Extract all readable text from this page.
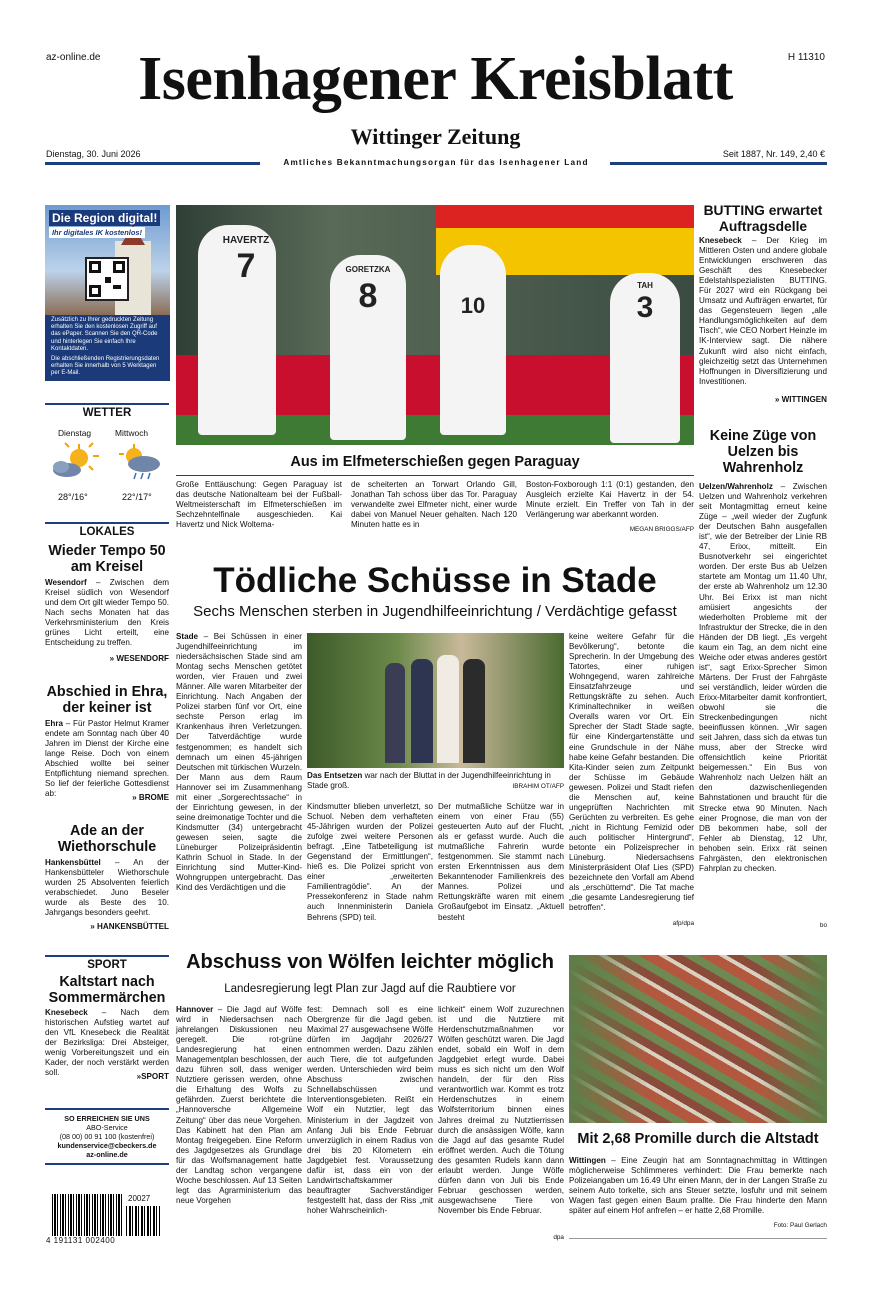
az-online.de	H 11310
Isenhagener Kreisblatt
Wittinger Zeitung
Dienstag, 30. Juni 2026	Seit 1887, Nr. 149, 2,40 €
Amtliches Bekanntmachungsorgan für das Isenhagener Land
Die Region digital!
Ihr digitales IK kostenlos!
Zusätzlich zu Ihrer gedruckten Zeitung erhalten Sie den kostenlosen Zugriff auf das ePaper. Scannen Sie den QR-Code und hinterlegen Sie einfach Ihre Kontaktdaten.
Die abschließenden Registrierungsdaten erhalten Sie innerhalb von 5 Werktagen per E-Mail.
WETTER
Dienstag	Mittwoch
28°/16°	22°/17°
LOKALES
Wieder Tempo 50 am Kreisel
Wesendorf – Zwischen dem Kreisel südlich von Wesendorf und dem Ort gilt wieder Tempo 50. Nach sechs Monaten hat das Verkehrsministerium den Kreis grünes Licht erteilt, eine Entscheidung zu treffen.
» WESENDORF
Abschied in Ehra, der keiner ist
Ehra – Für Pastor Helmut Kramer endete am Sonntag nach über 40 Jahren im Dienst der Kirche eine lange Reise. Doch von einem Abschied wollte bei seiner Entpflichtung niemand sprechen. So lief der feierliche Gottesdienst ab:	» BROME
Ade an der Wiethorschule
Hankensbüttel – An der Hankensbütteler Wiethorschule wurden 25 Absolventen feierlich verabschiedet. Juno Beseler wurde als Beste des 10. Jahrgangs besonders geehrt.
» HANKENSBÜTTEL
SPORT
Kaltstart nach Sommermärchen
Knesebeck – Nach dem historischen Aufstieg wartet auf den VfL Knesebeck die Realität der Bezirksliga: Drei Absteiger, wenig Vorbereitungszeit und ein Kader, der noch verstärkt werden soll.	»SPORT
SO ERREICHEN SIE UNS
ABO-Service
(08 00) 00 91 100 (kostenfrei)
kundenservice@cbeckers.de
az-online.de
20027
4 191131 002400
HAVERTZ
7	GORETZKA
8	10
TAH
3
Aus im Elfmeterschießen gegen Paraguay
Große Enttäuschung: Gegen Paraguay ist das deutsche Nationalteam bei der Fußball-Weltmeisterschaft im Elfmeterschießen im Sechzehntelfinale ausgeschieden. Kai Havertz und Nick Woltema-
de scheiterten an Torwart Orlando Gill, Jonathan Tah schoss über das Tor. Paraguay verwandelte zwei Elfmeter nicht, einer wurde dabei von Manuel Neuer gehalten. Nach 120 Minuten hatte es in
Boston-Foxborough 1:1 (0:1) gestanden, den Ausgleich erzielte Kai Havertz in der 54. Minute erzielt. Ein Treffer von Tah in der Verlängerung war aberkannt worden.
MEGAN BRIGGS/AFP
BUTTING erwartet Auftragsdelle
Knesebeck – Der Krieg im Mittleren Osten und andere globale Entwicklungen erschweren das Geschäft des Knesebecker Edelstahlspezialisten BUTTING. Für 2027 wird ein Rückgang bei Umsatz und Aufträgen erwartet, für das Gegensteuern liegen „alle Handlungsmöglichkeiten auf dem Tisch“, wie CEO Norbert Heinzle im IK-Interview sagt. Die nähere Zukunft wird also nicht einfach, gleichzeitig setzt das Unternehmen Hoffnungen in Diversifizierung und Investitionen.
» WITTINGEN
Keine Züge von Uelzen bis Wahrenholz
Uelzen/Wahrenholz – Zwischen Uelzen und Wahrenholz verkehren seit Montagmittag erneut keine Züge – „weil wieder der Zugfunk der Deutschen Bahn ausgefallen ist“, wie der Betreiber der Linie RB 47, Erixx, mitteilt. Ein Busnotverkehr sei eingerichtet worden. Der erste Bus ab Uelzen startete am Montag um 11.40 Uhr, der erste ab Wahrenholz um 12.30 Uhr. Bei Erixx ist man nicht amüsiert angesichts der wiederholten Probleme mit der Infrastruktur der Strecke, die in den Händen der DB liegt. „Es vergeht kaum ein Tag, an dem nicht eine Weiche oder etwas anderes gestört ist“, sagt Erixx-Sprecher Simon Märtens. Der Frust der Fahrgäste sei verständlich, leider würden die Erixx-Mitarbeiter damit konfrontiert, obwohl sie die Streckenbedingungen nicht beeinflussen können. „Wir sagen seit Jahren, dass sich da etwas tun muss, aber der Strecke wird offensichtlich keine Priorität beigemessen.“ Ein Bus von Wahrenholz nach Uelzen hält an den dazwischenliegenden Bahnstationen und braucht für die Strecke etwa 90 Minuten. Nach einer Prognose, die man von der DB bekommen habe, soll der Fehler ab Dienstag, 12 Uhr, behoben sein. Erixx rät seinen Fahrgästen, den elektronischen Fahrplan zu checken.
bo
Tödliche Schüsse in Stade
Sechs Menschen sterben in Jugendhilfeeinrichtung / Verdächtige gefasst
Stade – Bei Schüssen in einer Jugendhilfeeinrichtung im niedersächsischen Stade sind am Montag sechs Menschen getötet worden, vier Frauen und zwei Männer. Alle waren Mitarbeiter der Einrichtung. Nach Angaben der Polizei starben fünf vor Ort, eine sechste Person erlag im Krankenhaus ihren Verletzungen. Der Tatverdächtige wurde festgenommen; es handelt sich demnach um einen 45-jährigen Deutschen mit türkischen Wurzeln. Der Mann aus dem Raum Hannover sei im Zusammenhang mit einer „Sorgerechtssache“ in der Einrichtung gewesen, in der seine dreimonatige Tochter und die Kindsmutter (34) untergebracht gewesen seien, sagte die Lüneburger Polizeipräsidentin Kathrin Schuol in Stade. In der Einrichtung sind Mutter-Kind-Wohngruppen untergebracht. Das Kind des Verdächtigen und die
Das Entsetzen war nach der Bluttat in der Jugendhilfeeinrichtung in Stade groß.	IBRAHIM OT/AFP
Kindsmutter blieben unverletzt, so Schuol. Neben dem verhafteten 45-Jährigen wurden der Polizei zufolge zwei weitere Personen befragt. „Eine Tatbeteiligung ist Gegenstand der Ermittlungen“, hieß es. Die Polizei spricht von einer „erweiterten Familientragödie“. An der Pressekonferenz in Stade nahm auch Innenministerin Daniela Behrens (SPD) teil.
Der mutmaßliche Schütze war in einem von einer Frau (55) gesteuerten Auto auf der Flucht, als er gefasst wurde. Auch die mutmaßliche Fahrerin wurde festgenommen. Sie stammt nach ersten Erkenntnissen aus dem Bekanntenoder Familienkreis des Mannes. Polizei und Rettungskräfte waren mit einem Großaufgebot im Einsatz. „Aktuell besteht
keine weitere Gefahr für die Bevölkerung“, betonte die Sprecherin. In der Umgebung des Tatortes, einer ruhigen Wohngegend, waren zahlreiche Einsatzfahrzeuge und Rettungskräfte zu sehen. Auch Kriminaltechniker in weißen Overalls waren vor Ort. Ein Sprecher der Stadt Stade sagte, für eine Kindergartenstätte und eine Grundschule in der Nähe habe keine Gefahr bestanden. Die Kita-Kinder seien zum Zeitpunkt der Schüsse im Gebäude gewesen. Polizei und Stadt riefen die Menschen auf, keine ungeprüften Nachrichten mit Gerüchten zu verbreiten. Es gehe „nicht in Richtung Femizid oder auch politischer Hintergrund“, betonte ein Polizeisprecher in Lüneburg. Niedersachsens Ministerpräsident Olaf Lies (SPD) bezeichnete den Vorfall am Abend als „erschütternd“. Die Tat mache „die gesamte Landesregierung tief betroffen“.
afp/dpa
Abschuss von Wölfen leichter möglich
Landesregierung legt Plan zur Jagd auf die Raubtiere vor
Hannover – Die Jagd auf Wölfe wird in Niedersachsen nach jahrelangen Diskussionen neu geregelt. Die rot-grüne Landesregierung hat einen Managementplan beschlossen, der dazu führen soll, dass weniger Nutztiere gerissen werden, ohne die Erhaltung des Wolfs zu gefährden. Zuerst berichtete die „Hannoversche Allgemeine Zeitung“ über das neue Vorgehen. Das Kabinett hat den Plan am Montag freigegeben. Eine Reform des Jagdgesetzes als Grundlage für das Wolfsmanagement hatte der Landtag schon vergangene Woche beschlossen. Auf 13 Seiten legt das Agrarministerium das neue Vorgehen
fest: Demnach soll es eine Obergrenze für die Jagd geben. Maximal 27 ausgewachsene Wölfe dürfen im Jagdjahr 2026/27 entnommen werden. Dazu zählen auch Tiere, die tot aufgefunden werden. Unterschieden wird beim Abschuss zwischen Schnellabschüssen und Interventionsgebieten. Reißt ein Wolf ein Nutztier, legt das Ministerium in der Jagdzeit von Anfang Juli bis Ende Februar unverzüglich in einem Radius von drei bis 20 Kilometern ein Jagdgebiet fest. Voraussetzung dafür ist, dass ein von der Landwirtschaftskammer beauftragter Sachverständiger festgestellt hat, dass der Riss „mit hoher Wahrscheinlich-
lichkeit“ einem Wolf zuzurechnen ist und die Nutztiere mit Herdenschutzmaßnahmen vor Wölfen geschützt waren. Die Jagd endet, sobald ein Wolf in dem Jagdgebiet erlegt wurde. Dabei muss es sich nicht um den Wolf handeln, der für den Riss verantwortlich war. Kommt es trotz Herdenschutzes in einem Wolfsterritorium binnen eines Jahres dreimal zu Nutztierrissen durch die ansässigen Wölfe, kann die Jagd auf das gesamte Rudel eröffnet werden. Auch die Tötung des gesamten Rudels kann dann erlaubt werden. Junge Wölfe dürfen dann von Juli bis Ende Februar geschossen werden, ausgewachsene Tiere von November bis Ende Februar.
dpa
Mit 2,68 Promille durch die Altstadt
Wittingen – Eine Zeugin hat am Sonntagnachmittag in Wittingen möglicherweise Schlimmeres verhindert: Die Frau bemerkte nach Polizeiangaben um 16.49 Uhr einen Mann, der in der Langen Straße zu seinem Auto torkelte, sich ans Steuer setzte, losfuhr und mit seinem Wagen fast gegen einen Baum prallte. Die Frau hinderte den Mann später auf einem Hof anfrefen – er hatte 2,68 Promille.
Foto: Paul Gerlach
